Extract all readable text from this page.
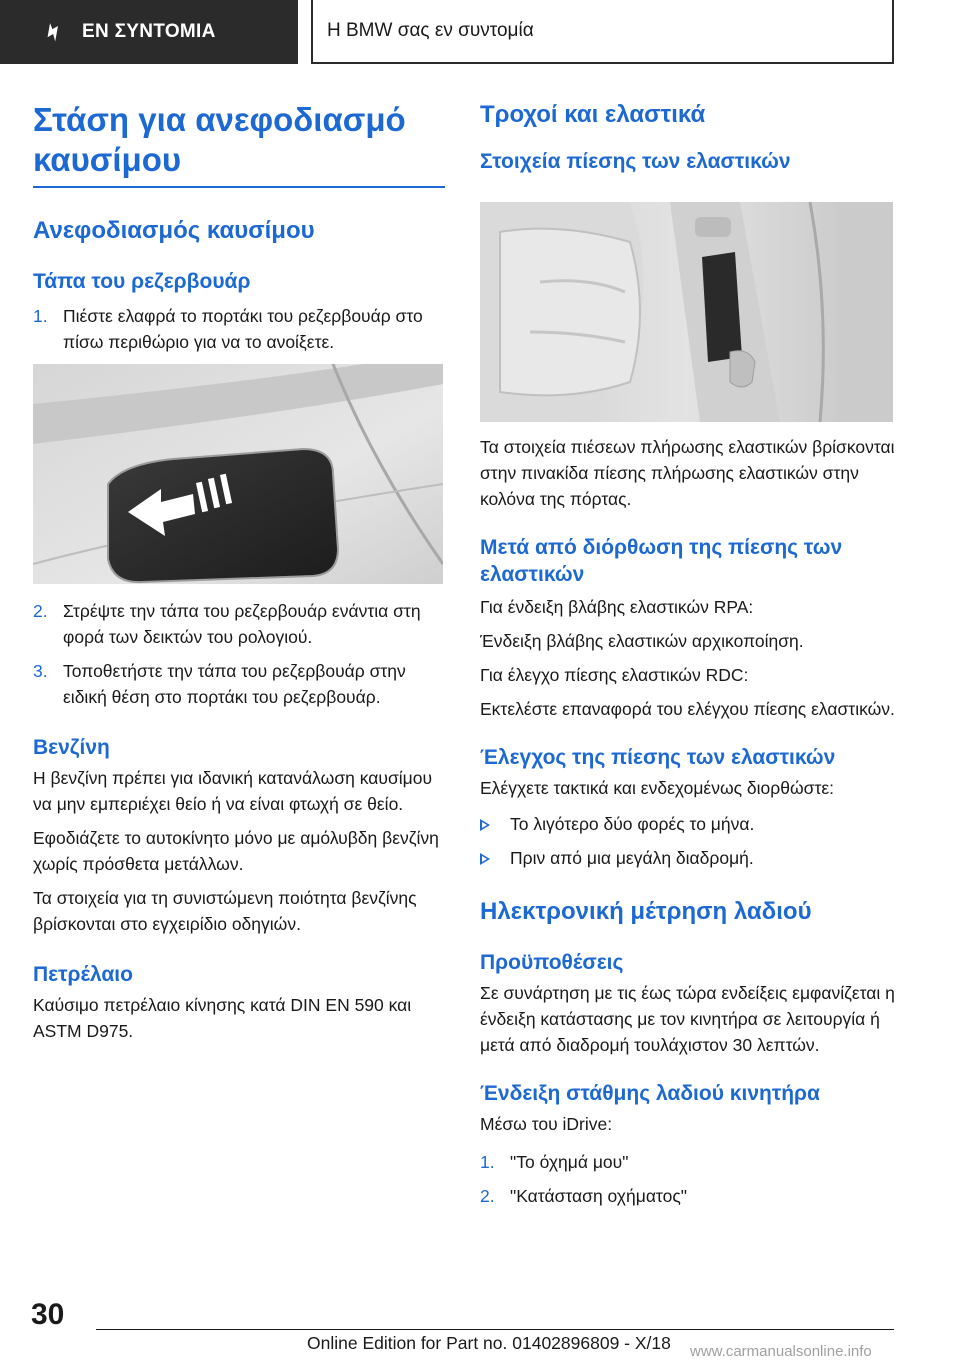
ΕΝ ΣΥΝΤΟΜΙΑ	Η BMW σας εν συντομία
Στάση για ανεφοδιασμό καυσίμου
Ανεφοδιασμός καυσίμου
Τάπα του ρεζερβουάρ
1. Πιέστε ελαφρά το πορτάκι του ρεζερβουάρ στο πίσω περιθώριο για να το ανοίξετε.
2. Στρέψτε την τάπα του ρεζερβουάρ ενάντια στη φορά των δεικτών του ρολογιού.
3. Τοποθετήστε την τάπα του ρεζερβουάρ στην ειδική θέση στο πορτάκι του ρεζερβουάρ.
Βενζίνη

Η βενζίνη πρέπει για ιδανική κατανάλωση καυσίμου να μην εμπεριέχει θείο ή να είναι φτωχή σε θείο.

Εφοδιάζετε το αυτοκίνητο μόνο με αμόλυβδη βενζίνη χωρίς πρόσθετα μετάλλων.

Τα στοιχεία για τη συνιστώμενη ποιότητα βενζίνης βρίσκονται στο εγχειρίδιο οδηγιών.

Πετρέλαιο

Καύσιμο πετρέλαιο κίνησης κατά DIN EN 590 και ASTM D975.

Τροχοί και ελαστικά
Στοιχεία πίεσης των ελαστικών

Τα στοιχεία πιέσεων πλήρωσης ελαστικών βρίσκονται στην πινακίδα πίεσης πλήρωσης ελαστικών στην κολόνα της πόρτας.

Μετά από διόρθωση της πίεσης των ελαστικών

Για ένδειξη βλάβης ελαστικών RPA:

Ένδειξη βλάβης ελαστικών αρχικοποίηση.

Για έλεγχο πίεσης ελαστικών RDC:

Εκτελέστε επαναφορά του ελέγχου πίεσης ελαστικών.

Έλεγχος της πίεσης των ελαστικών

Ελέγχετε τακτικά και ενδεχομένως διορθώστε:

Το λιγότερο δύο φορές το μήνα.
Πριν από μια μεγάλη διαδρομή.
Ηλεκτρονική μέτρηση λαδιού
Προϋποθέσεις

Σε συνάρτηση με τις έως τώρα ενδείξεις εμφανίζεται η ένδειξη κατάστασης με τον κινητήρα σε λειτουργία ή μετά από διαδρομή τουλάχιστον 30 λεπτών.

Ένδειξη στάθμης λαδιού κινητήρα

Μέσω του iDrive:

1. "Το όχημά μου"
2. "Κατάσταση οχήματος"
30
Online Edition for Part no. 01402896809 - X/18 www.carmanualsonline.info
